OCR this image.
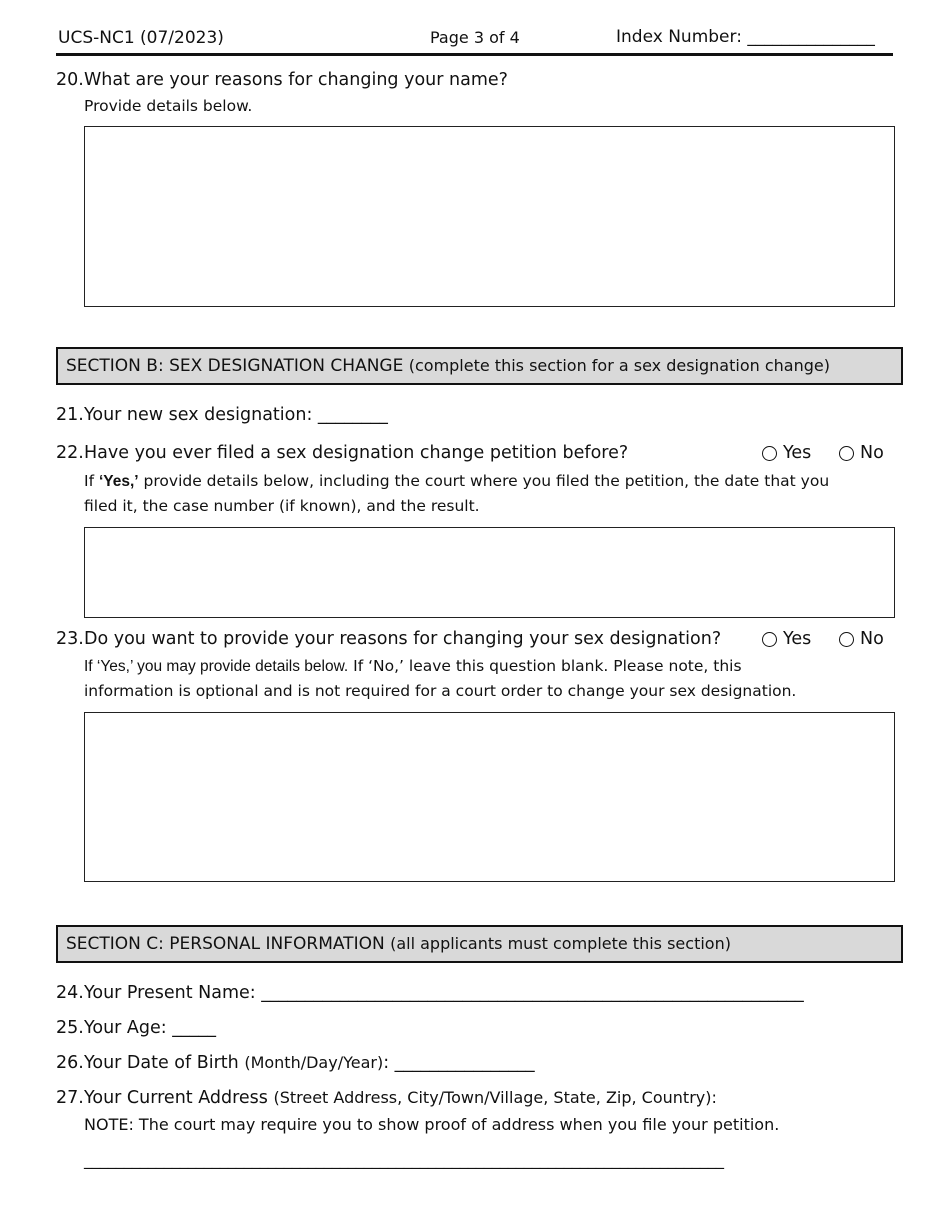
UCS-NC1 (07/2023)	Page 3 of 4	Index Number: _______________
20. What are your reasons for changing your name?
Provide details below.
SECTION B: SEX DESIGNATION CHANGE (complete this section for a sex designation change)
21. Your new sex designation: ________
22. Have you ever filed a sex designation change petition before?	Yes	No
If ‘Yes,’ provide details below, including the court where you filed the petition, the date that you
filed it, the case number (if known), and the result.
23. Do you want to provide your reasons for changing your sex designation?	Yes	No
If ‘Yes,’ you may provide details below. If ‘No,’ leave this question blank. Please note, this
information is optional and is not required for a court order to change your sex designation.
SECTION C: PERSONAL INFORMATION (all applicants must complete this section)
24. Your Present Name: ______________________________________________________________
25. Your Age: _____
26. Your Date of Birth (Month/Day/Year): ________________
27. Your Current Address (Street Address, City/Town/Village, State, Zip, Country):
NOTE: The court may require you to show proof of address when you file your petition.
________________________________________________________________________________
